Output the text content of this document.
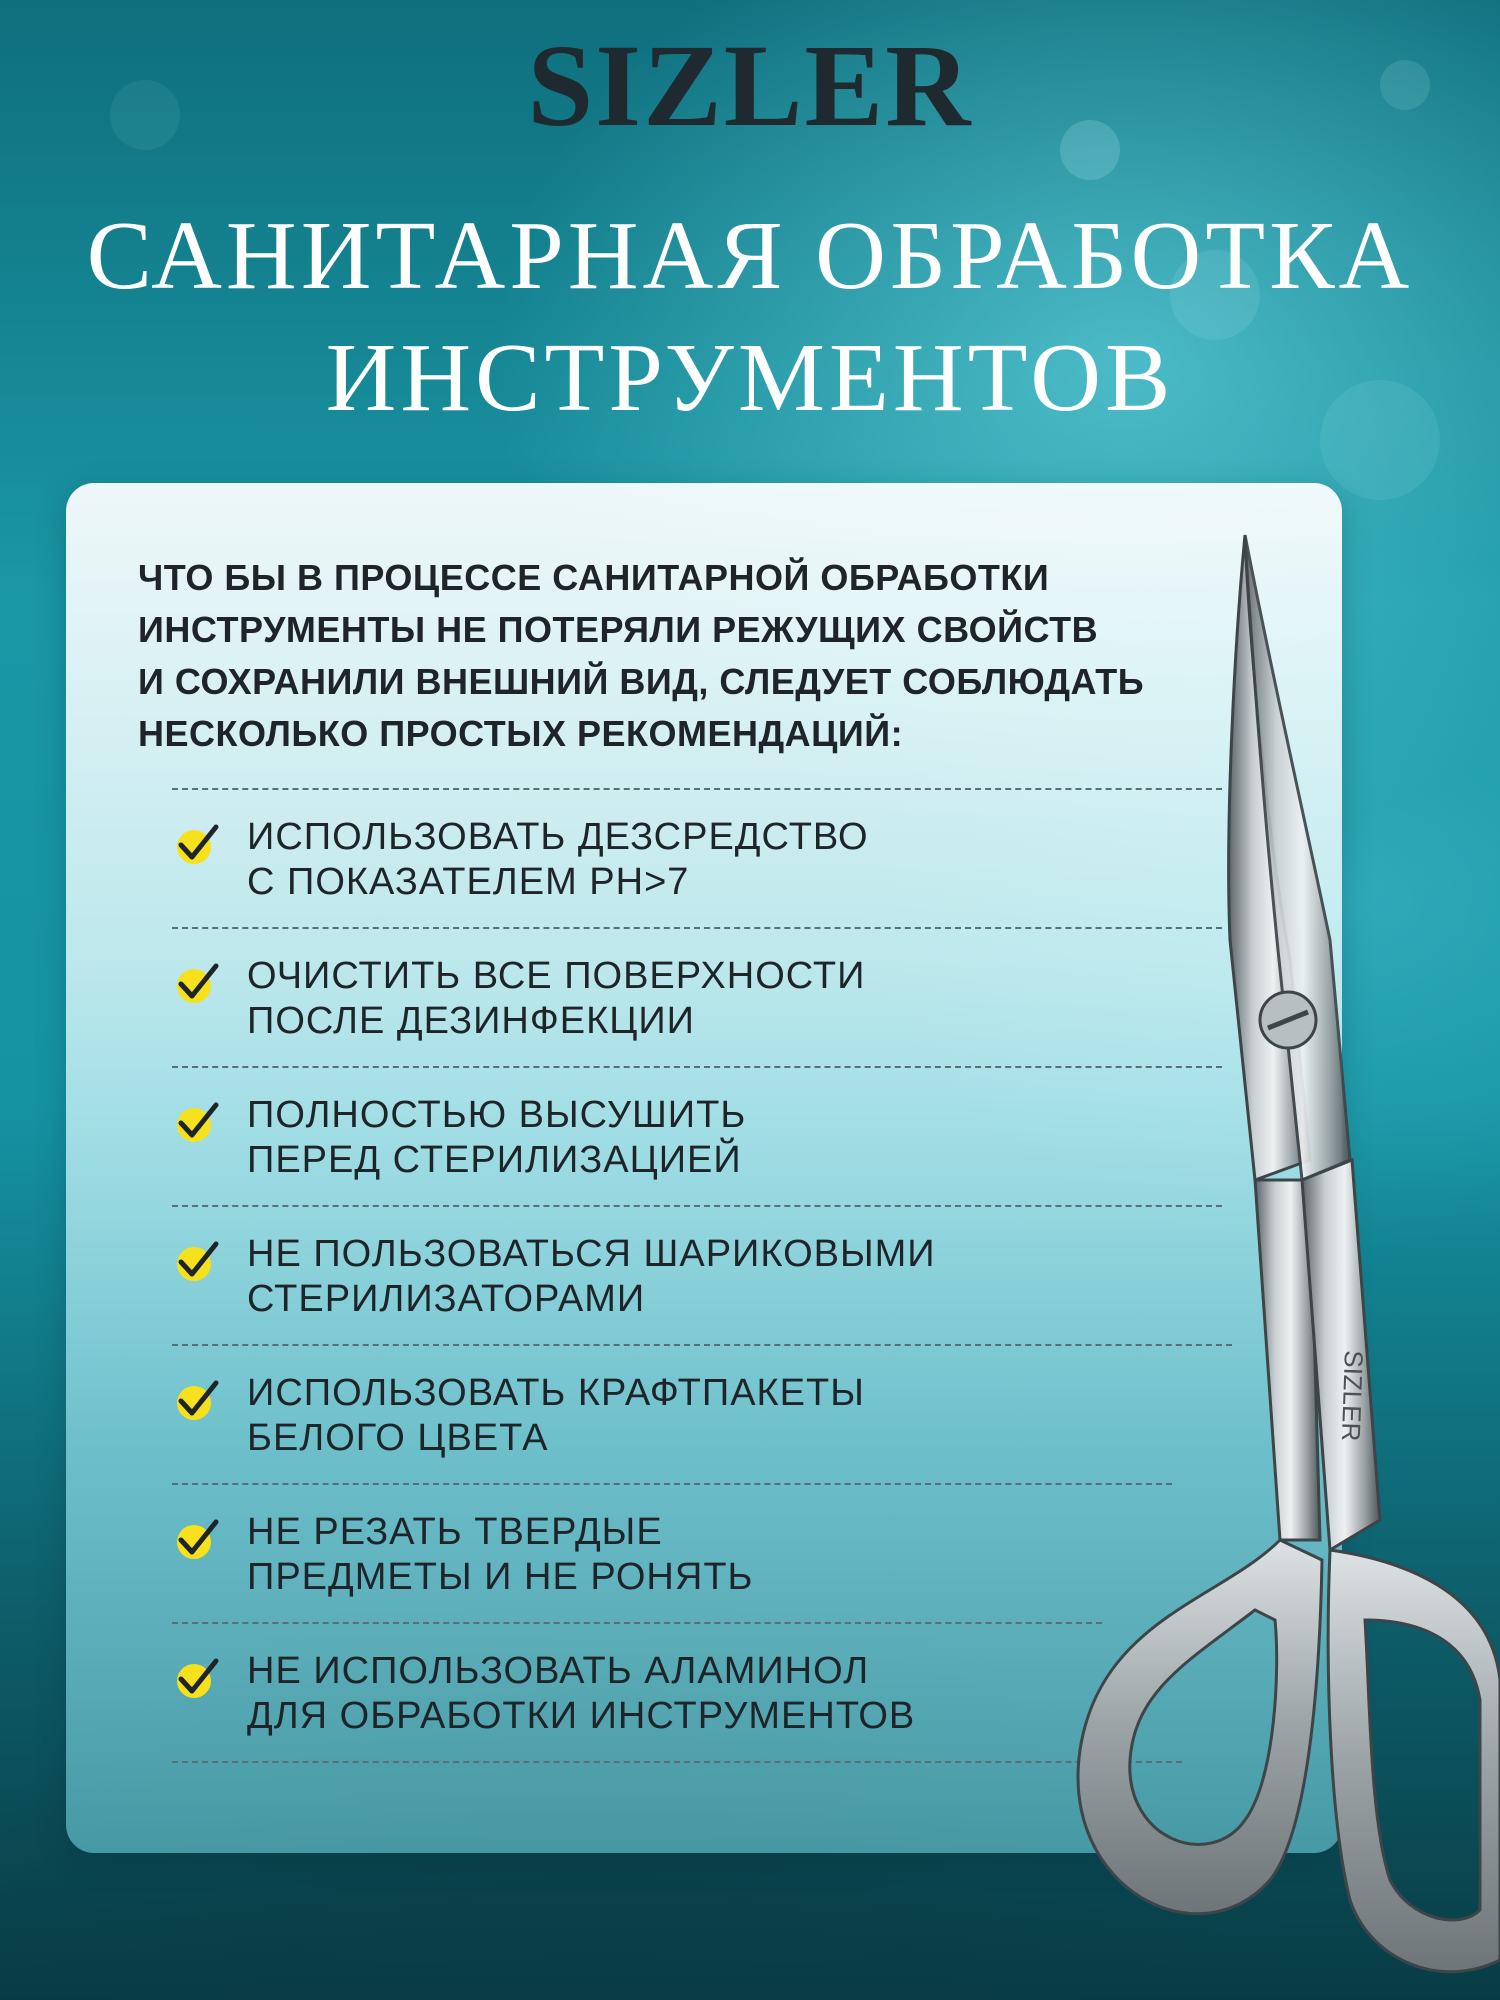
SIZLER
САНИТАРНАЯ ОБРАБОТКА
ИНСТРУМЕНТОВ
ЧТО БЫ В ПРОЦЕССЕ САНИТАРНОЙ ОБРАБОТКИ
ИНСТРУМЕНТЫ НЕ ПОТЕРЯЛИ РЕЖУЩИХ СВОЙСТВ
И СОХРАНИЛИ ВНЕШНИЙ ВИД, СЛЕДУЕТ СОБЛЮДАТЬ
НЕСКОЛЬКО ПРОСТЫХ РЕКОМЕНДАЦИЙ:
ИСПОЛЬЗОВАТЬ ДЕЗСРЕДСТВО
С ПОКАЗАТЕЛЕМ PH>7
ОЧИСТИТЬ ВСЕ ПОВЕРХНОСТИ
ПОСЛЕ ДЕЗИНФЕКЦИИ
ПОЛНОСТЬЮ ВЫСУШИТЬ
ПЕРЕД СТЕРИЛИЗАЦИЕЙ
НЕ ПОЛЬЗОВАТЬСЯ ШАРИКОВЫМИ
СТЕРИЛИЗАТОРАМИ
ИСПОЛЬЗОВАТЬ КРАФТПАКЕТЫ
БЕЛОГО ЦВЕТА
НЕ РЕЗАТЬ ТВЕРДЫЕ
ПРЕДМЕТЫ И НЕ РОНЯТЬ
НЕ ИСПОЛЬЗОВАТЬ АЛАМИНОЛ
ДЛЯ ОБРАБОТКИ ИНСТРУМЕНТОВ
SIZLER
